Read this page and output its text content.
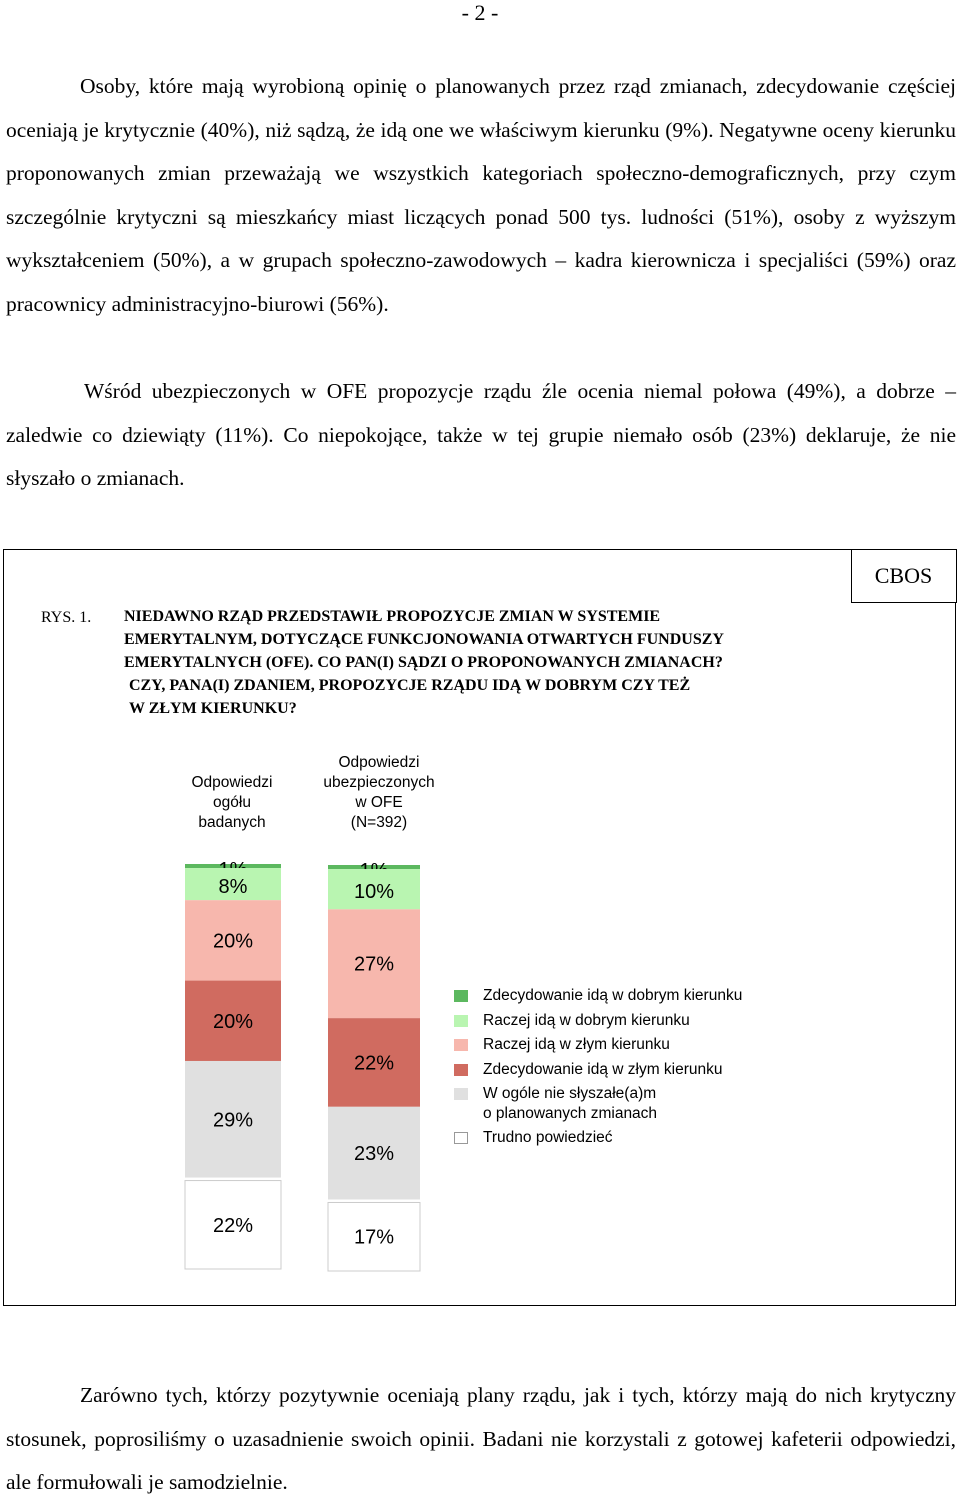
- 2 -

Osoby, które mają wyrobioną opinię o planowanych przez rząd zmianach, zdecydowanie częściej oceniają je krytycznie (40%), niż sądzą, że idą one we właściwym kierunku (9%). Negatywne oceny kierunku proponowanych zmian przeważają we wszystkich kategoriach społeczno-demograficznych, przy czym szczególnie krytyczni są mieszkańcy miast liczących ponad 500 tys. ludności (51%), osoby z wyższym wykształceniem (50%), a w grupach społeczno-zawodowych – kadra kierownicza i specjaliści (59%) oraz pracownicy administracyjno-biurowi (56%).

Wśród ubezpieczonych w OFE propozycje rządu źle ocenia niemal połowa (49%), a dobrze – zaledwie co dziewiąty (11%). Co niepokojące, także w tej grupie niemało osób (23%) deklaruje, że nie słyszało o zmianach.

CBOS
RYS. 1. NIEDAWNO RZĄD PRZEDSTAWIŁ PROPOZYCJE ZMIAN W SYSTEMIE
EMERYTALNYM, DOTYCZĄCE FUNKCJONOWANIA OTWARTYCH FUNDUSZY
EMERYTALNYCH (OFE). CO PAN(I) SĄDZI O PROPONOWANYCH ZMIANACH?
CZY, PANA(I) ZDANIEM, PROPOZYCJE RZĄDU IDĄ W DOBRYM CZY TEŻ
W ZŁYM KIERUNKU?
Odpowiedzi
ogółu
badanych
Odpowiedzi
ubezpieczonych
w OFE
(N=392)
8%
20%
20%
29%
22%
10%
27%
22%
23%
17%
Zdecydowanie idą w dobrym kierunku
Raczej idą w dobrym kierunku
Raczej idą w złym kierunku
Zdecydowanie idą w złym kierunku
W ogóle nie słyszałe(a)m
o planowanych zmianach
Trudno powiedzieć

Zarówno tych, którzy pozytywnie oceniają plany rządu, jak i tych, którzy mają do nich krytyczny stosunek, poprosiliśmy o uzasadnienie swoich opinii. Badani nie korzystali z gotowej kafeterii odpowiedzi, ale formułowali je samodzielnie.
